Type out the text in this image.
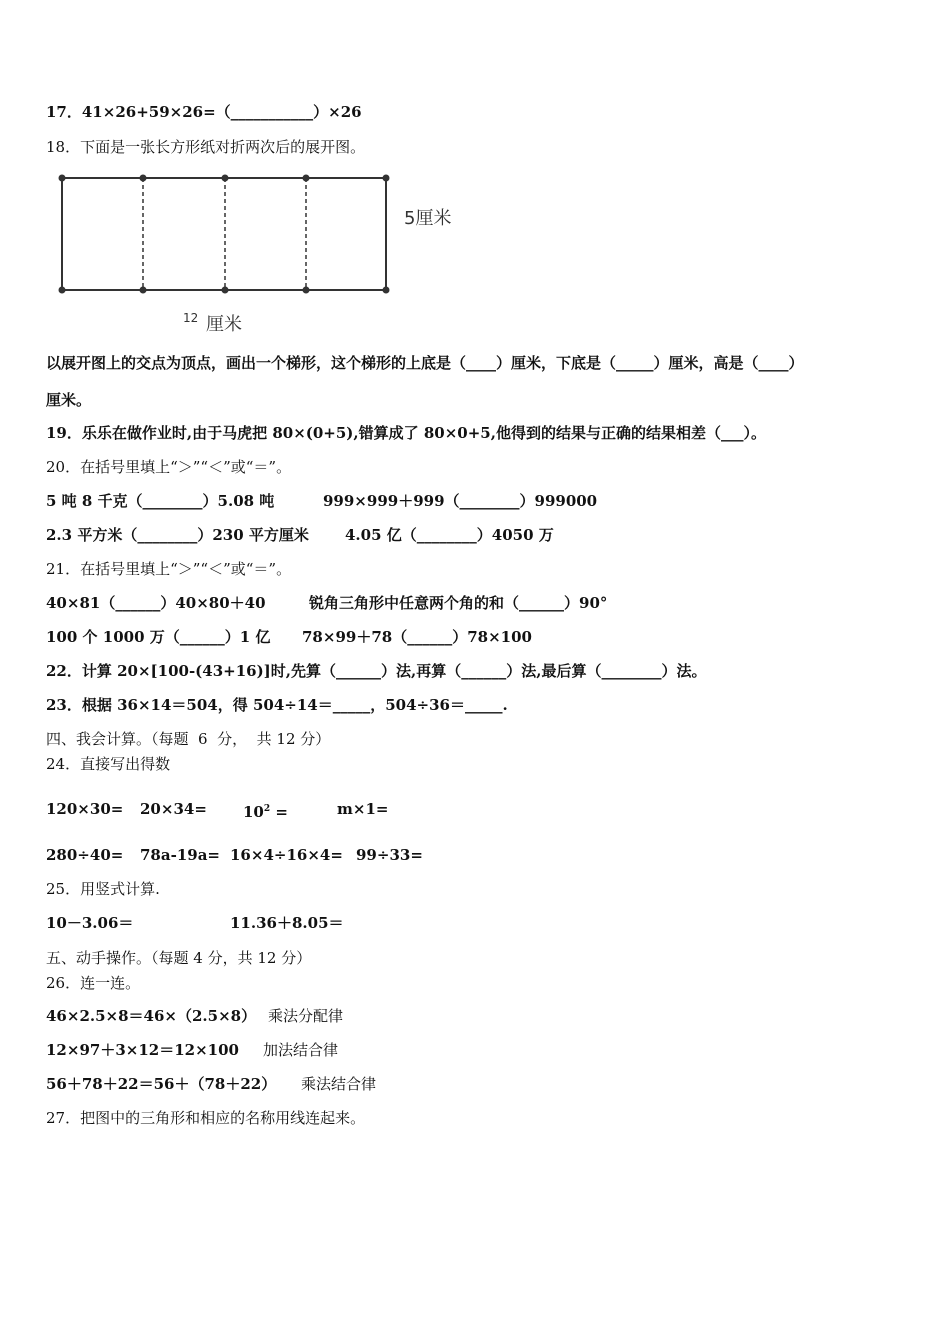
17．41×26+59×26=（___________）×26
18．下面是一张长方形纸对折两次后的展开图。
5厘米
12 厘米
以展开图上的交点为顶点，画出一个梯形，这个梯形的上底是（____）厘米，下底是（_____）厘米，高是（____）
厘米。
19．乐乐在做作业时,由于马虎把 80×(0+5),错算成了 80×0+5,他得到的结果与正确的结果相差（___）。
20．在括号里填上“＞”“＜”或“＝”。
5 吨 8 千克（________）5.08 吨	999×999＋999（________）999000
2.3 平方米（________）230 平方厘米 4.05 亿（________）4050 万
21．在括号里填上“＞”“＜”或“＝”。
40×81（______）40×80＋40	锐角三角形中任意两个角的和（______）90°
100 个 1000 万（______）1 亿 78×99＋78（______）78×100
22．计算 20×[100-(43+16)]时,先算（______）法,再算（______）法,最后算（________）法。
23．根据 36×14＝504，得 504÷14＝_____，504÷36＝_____.
四、我会计算。（每题  6  分，  共 12 分）
24．直接写出得数
$120\times 30= 20\times 34= 10^2$ =	m×1=
280÷40= 78a-19a= 16×4÷16×4= 99÷33=
25．用竖式计算.
10－3.06＝	11.36＋8.05＝
五、动手操作。（每题 4 分，共 12 分）
26．连一连。
46×2.5×8＝46×（2.5×8） 乘法分配律
12×97＋3×12＝12×100 加法结合律
56＋78＋22＝56＋（78＋22） 乘法结合律
27．把图中的三角形和相应的名称用线连起来。
